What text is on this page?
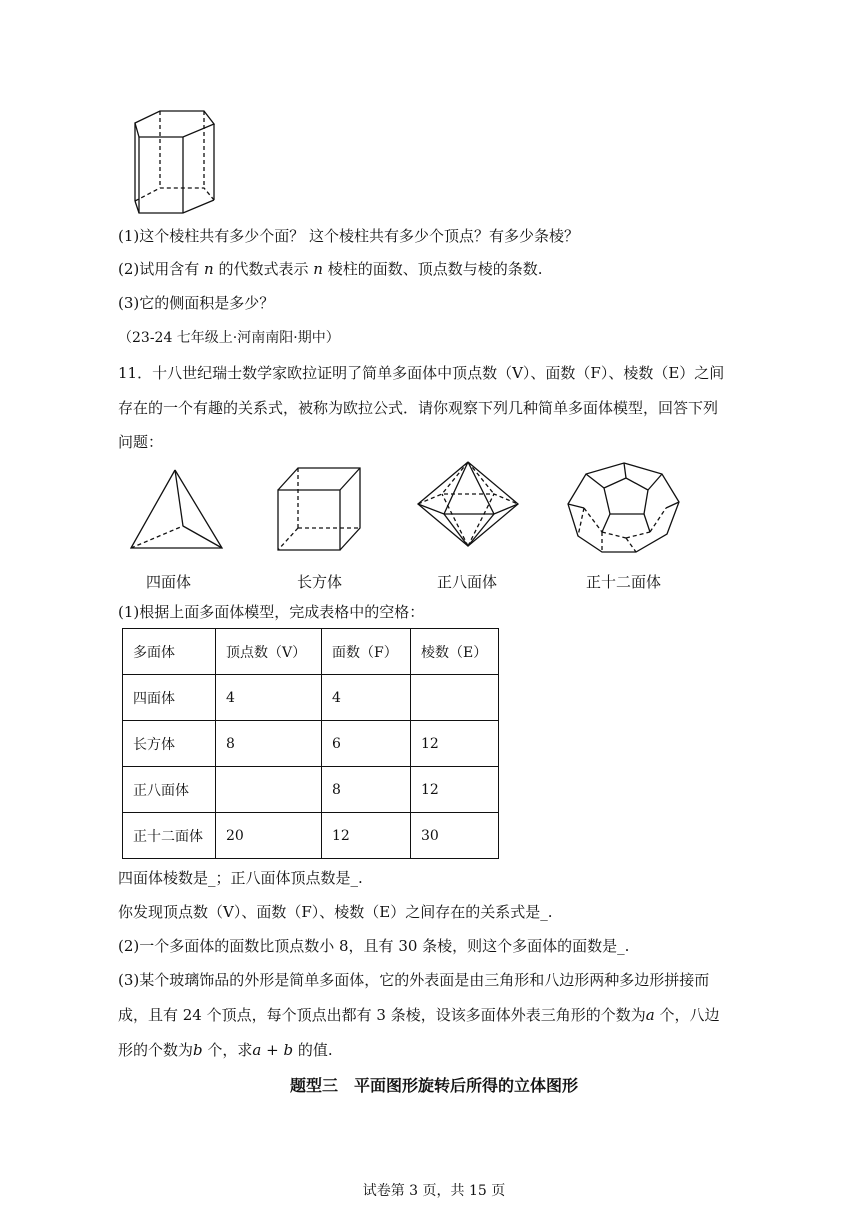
(1)这个棱柱共有多少个面？ 这个棱柱共有多少个顶点？有多少条棱？
(2)试用含有 n 的代数式表示 n 棱柱的面数、顶点数与棱的条数.
(3)它的侧面积是多少？
（23-24 七年级上·河南南阳·期中）
11．十八世纪瑞士数学家欧拉证明了简单多面体中顶点数（V）、面数（F）、棱数（E）之间
存在的一个有趣的关系式，被称为欧拉公式．请你观察下列几种简单多面体模型，回答下列
问题：
四面体	长方体	正八面体	正十二面体
(1)根据上面多面体模型，完成表格中的空格：
多面体	顶点数（V）	面数（F）	棱数（E）
四面体	4	4	
长方体	8	6	12
正八面体		8	12
正十二面体	20	12	30
四面体棱数是_；正八面体顶点数是_.
你发现顶点数（V）、面数（F）、棱数（E）之间存在的关系式是_.
(2)一个多面体的面数比顶点数小 8，且有 30 条棱，则这个多面体的面数是_.
(3)某个玻璃饰品的外形是简单多面体，它的外表面是由三角形和八边形两种多边形拼接而
成，且有 24 个顶点，每个顶点出都有 3 条棱，设该多面体外表三角形的个数为a 个，八边
形的个数为b 个，求a + b 的值.
题型三　平面图形旋转后所得的立体图形
试卷第 3 页，共 15 页
